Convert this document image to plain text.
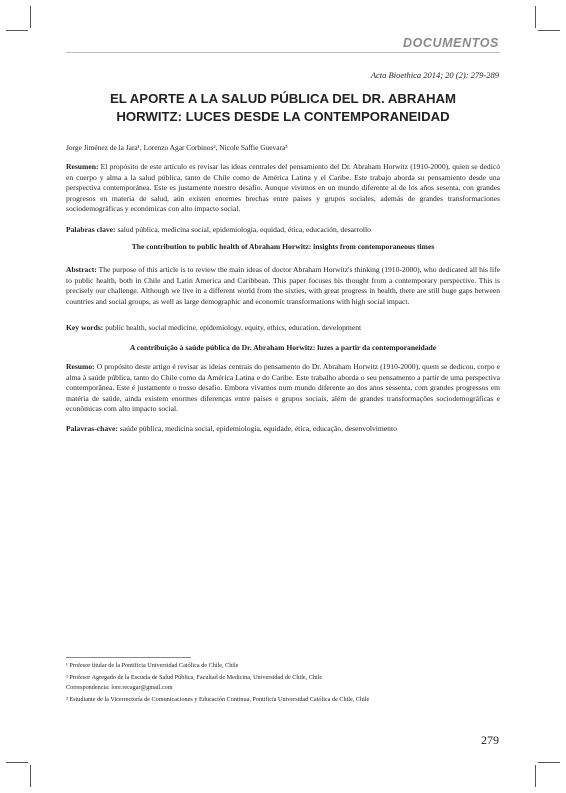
DOCUMENTOS
Acta Bioethica 2014; 20 (2): 279-289
EL APORTE A LA SALUD PÚBLICA DEL DR. ABRAHAM
HORWITZ: LUCES DESDE LA CONTEMPORANEIDAD
Jorge Jiménez de la Jara¹, Lorenzo Agar Corbinos², Nicole Saffie Guevara³
Resumen: El propósito de este artículo es revisar las ideas centrales del pensamiento del Dr. Abraham Horwitz (1910-2000), quien se dedicó en cuerpo y alma a la salud pública, tanto de Chile como de América Latina y el Caribe. Este trabajo aborda su pensamiento desde una perspectiva contemporánea. Este es justamente nuestro desafío. Aunque vivimos en un mundo diferente al de los años sesenta, con grandes progresos en materia de salud, aún existen enormes brechas entre países y grupos sociales, además de grandes transformaciones sociodemográficas y económicas con alto impacto social.
Palabras clave: salud pública, medicina social, epidemiología, equidad, ética, educación, desarrollo
The contribution to public health of Abraham Horwitz: insights from contemporaneous times
Abstract: The purpose of this article is to review the main ideas of doctor Abraham Horwitz's thinking (1910-2000), who dedicated all his life to public health, both in Chile and Latin America and Caribbean. This paper focuses his thought from a contemporary perspective. This is precisely our challenge. Although we live in a different world from the sixties, with great progress in health, there are still huge gaps between countries and social groups, as well as large demographic and economic transformations with high social impact.
Key words: public health, social medicine, epidemiology, equity, ethics, education, development
A contribuição à saúde pública do Dr. Abraham Horwitz: luzes a partir da contemporaneidade
Resumo: O propósito deste artigo é revisar as ideias centrais do pensamento do Dr. Abraham Horwitz (1910-2000), quem se dedicou, corpo e alma à saúde pública, tanto do Chile como da América Latina e do Caribe. Este trabalho aborda o seu pensamento a partir de uma perspectiva contemporânea. Este é justamente o nosso desafio. Embora vivamos num mundo diferente ao dos anos sessenta, com grandes progressos em matéria de saúde, ainda existem enormes diferenças entre países e grupos sociais, além de grandes transformações sociodemográficas e econômicas com alto impacto social.
Palavras-chave: saúde pública, medicina social, epidemiologia, equidade, ética, educação, desenvolvimento
¹ Profesor titular de la Pontificia Universidad Católica de Chile, Chile
² Profesor Agregado de la Escuela de Salud Pública, Facultad de Medicina, Universidad de Chile, Chile
Correspondencia: lore.recagar@gmail.com
³ Estudiante de la Vicerrectoría de Comunicaciones y Educación Continua, Pontificia Universidad Católica de Chile, Chile
279
